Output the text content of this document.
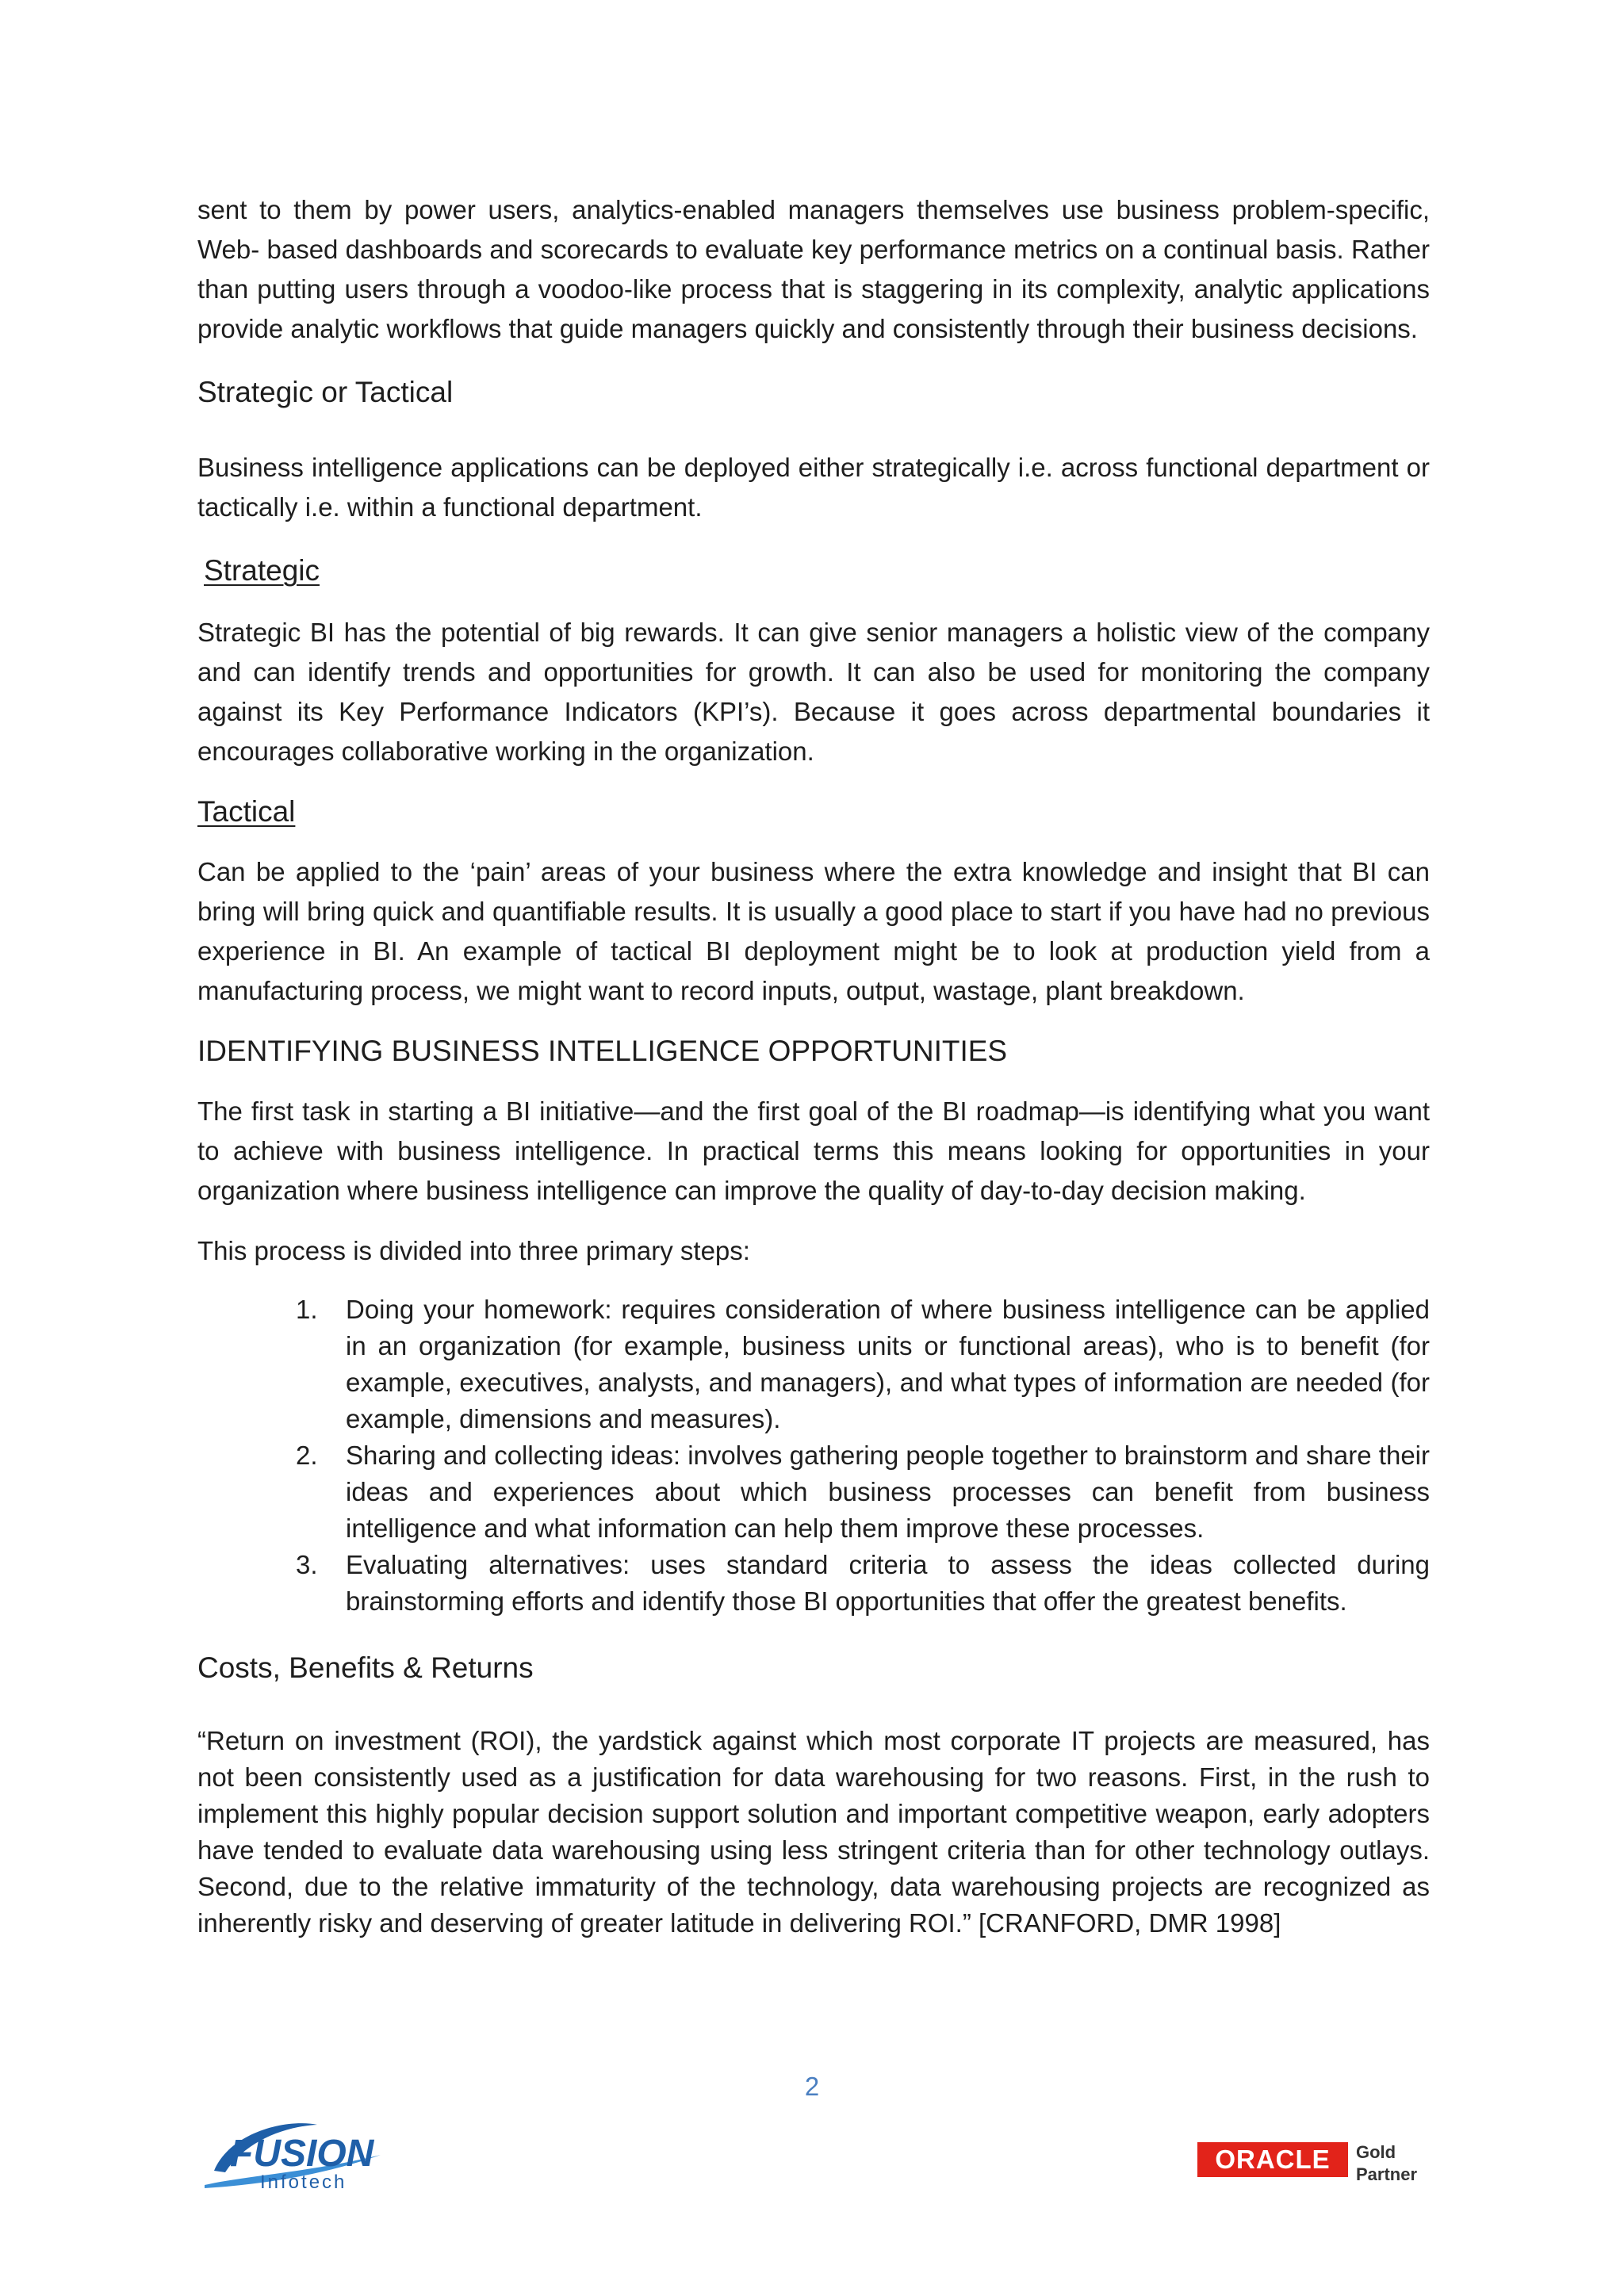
sent to them by power users, analytics-enabled managers themselves use business problem-specific, Web- based dashboards and scorecards to evaluate key performance metrics on a continual basis. Rather than putting users through a voodoo-like process that is staggering in its complexity, analytic applications provide analytic workflows that guide managers quickly and consistently through their business decisions.

Strategic or Tactical

Business intelligence applications can be deployed either strategically i.e. across functional department or tactically i.e. within a functional department.

Strategic

Strategic BI has the potential of big rewards. It can give senior managers a holistic view of the company and can identify trends and opportunities for growth. It can also be used for monitoring the company against its Key Performance Indicators (KPI’s). Because it goes across departmental boundaries it encourages collaborative working in the organization.

Tactical

Can be applied to the ‘pain’ areas of your business where the extra knowledge and insight that BI can bring will bring quick and quantifiable results. It is usually a good place to start if you have had no previous experience in BI. An example of tactical BI deployment might be to look at production yield from a manufacturing process, we might want to record inputs, output, wastage, plant breakdown.

IDENTIFYING BUSINESS INTELLIGENCE OPPORTUNITIES

The first task in starting a BI initiative—and the first goal of the BI roadmap—is identifying what you want to achieve with business intelligence. In practical terms this means looking for opportunities in your organization where business intelligence can improve the quality of day-to-day decision making.

This process is divided into three primary steps:

1. Doing your homework: requires consideration of where business intelligence can be applied in an organization (for example, business units or functional areas), who is to benefit (for example, executives, analysts, and managers), and what types of information are needed (for example, dimensions and measures).
2. Sharing and collecting ideas: involves gathering people together to brainstorm and share their ideas and experiences about which business processes can benefit from business intelligence and what information can help them improve these processes.
3. Evaluating alternatives: uses standard criteria to assess the ideas collected during brainstorming efforts and identify those BI opportunities that offer the greatest benefits.
Costs, Benefits & Returns

“Return on investment (ROI), the yardstick against which most corporate IT projects are measured, has not been consistently used as a justification for data warehousing for two reasons. First, in the rush to implement this highly popular decision support solution and important competitive weapon, early adopters have tended to evaluate data warehousing using less stringent criteria than for other technology outlays. Second, due to the relative immaturity of the technology, data warehousing projects are recognized as inherently risky and deserving of greater latitude in delivering ROI.” [CRANFORD, DMR 1998]

2
FUSION
Infotech
ORACLE Gold
Partner
